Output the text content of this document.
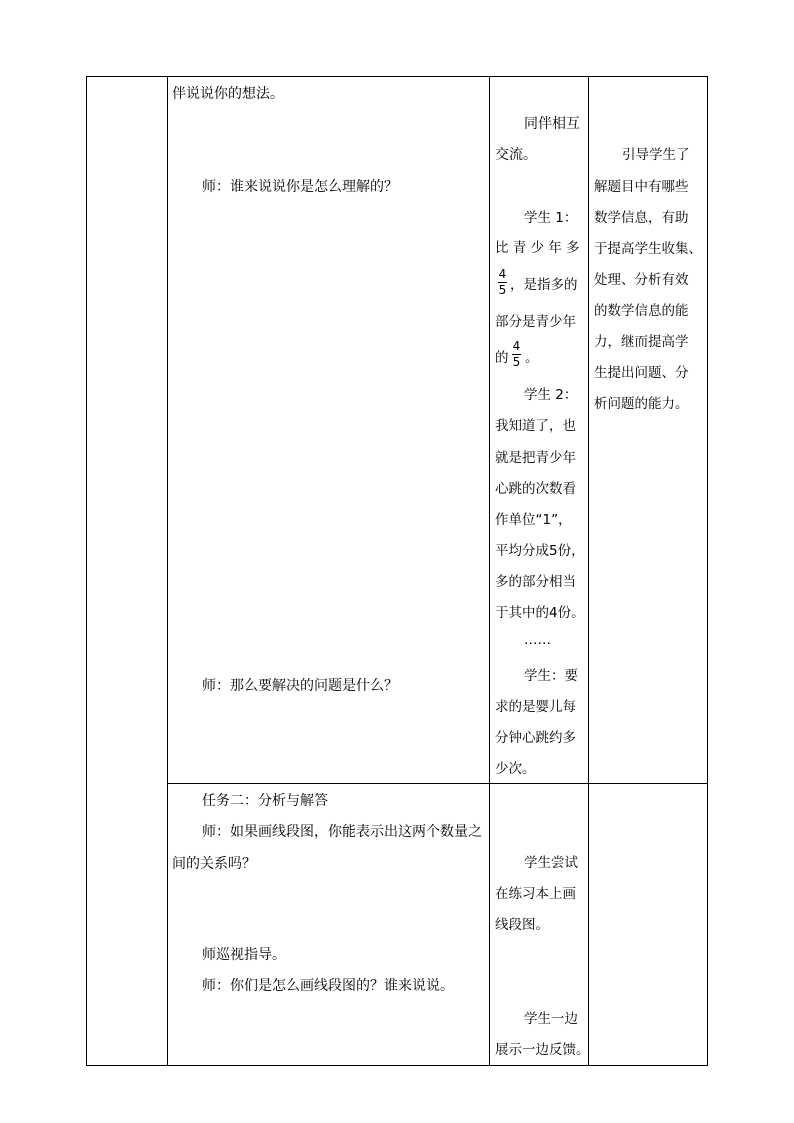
伴说说你的想法。
师：谁来说说你是怎么理解的？
师：那么要解决的问题是什么？
任务二：分析与解答
师：如果画线段图，你能表示出这两个数量之
间的关系吗？
师巡视指导。
师：你们是怎么画线段图的？谁来说说。
同伴相互
交流。
学生 1：
比 青 少 年 多
4
5 ，是指多的
部分是青少年
的
4
5 。
学生 2：
我知道了，也
就是把青少年
心跳的次数看
作单位“1”，
平均分成5份，
多的部分相当
于其中的4份。
……
学生：要
求的是婴儿每
分钟心跳约多
少次。
学生尝试
在练习本上画
线段图。
学生一边
展示一边反馈。
引导学生了
解题目中有哪些
数学信息，有助
于提高学生收集、
处理、分析有效
的数学信息的能
力，继而提高学
生提出问题、分
析问题的能力。
